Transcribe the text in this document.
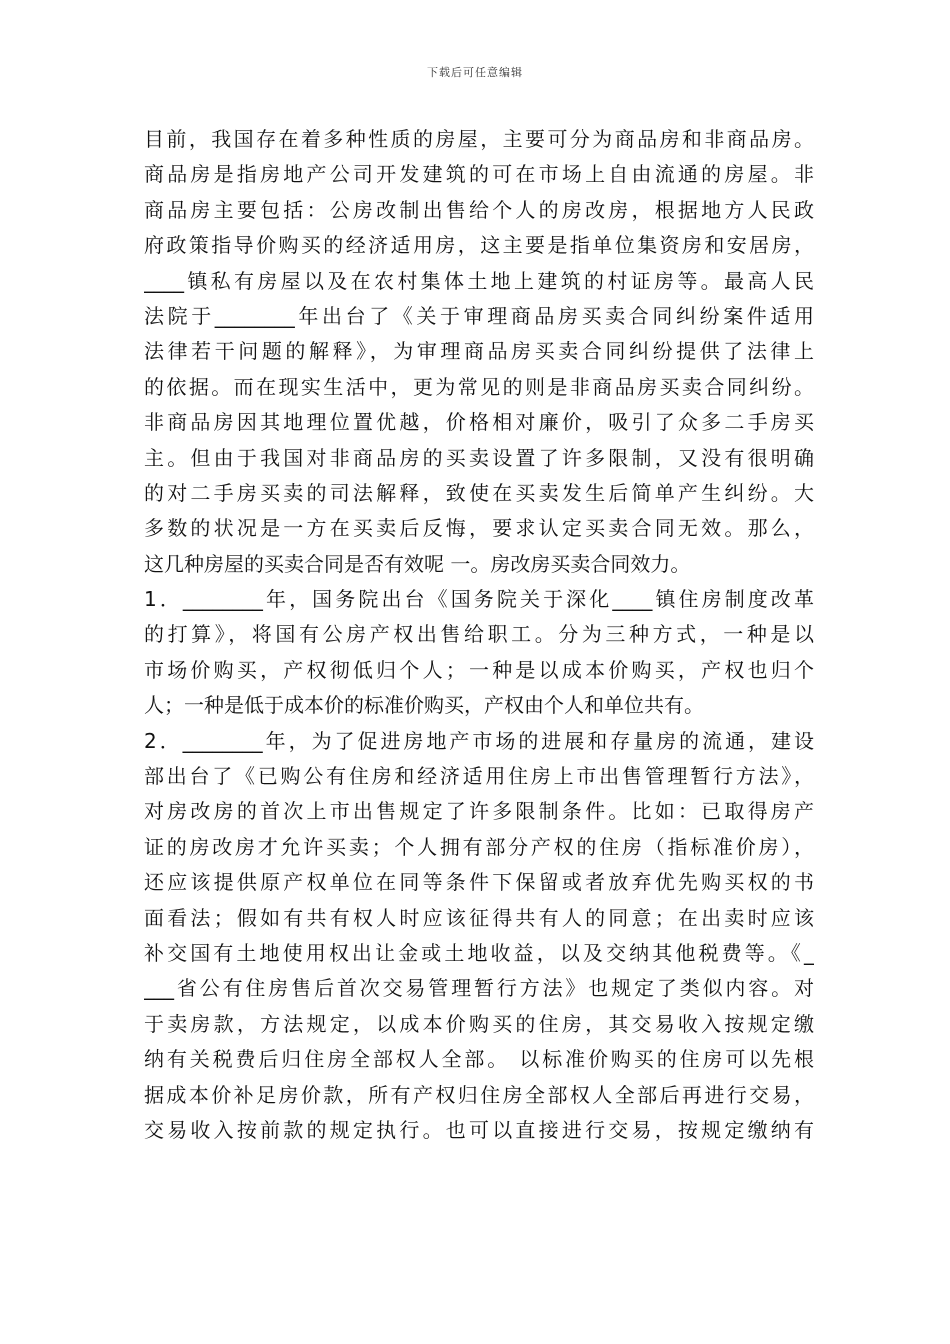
下载后可任意编辑
目前，我国存在着多种性质的房屋，主要可分为商品房和非商品房。
商品房是指房地产公司开发建筑的可在市场上自由流通的房屋。非
商品房主要包括：公房改制出售给个人的房改房，根据地方人民政
府政策指导价购买的经济适用房，这主要是指单位集资房和安居房，
____镇私有房屋以及在农村集体土地上建筑的村证房等。最高人民
法院于________年出台了《关于审理商品房买卖合同纠纷案件适用
法律若干问题的解释》，为审理商品房买卖合同纠纷提供了法律上
的依据。而在现实生活中，更为常见的则是非商品房买卖合同纠纷。
非商品房因其地理位置优越，价格相对廉价，吸引了众多二手房买
主。但由于我国对非商品房的买卖设置了许多限制，又没有很明确
的对二手房买卖的司法解释，致使在买卖发生后简单产生纠纷。大
多数的状况是一方在买卖后反悔，要求认定买卖合同无效。那么，
这几种房屋的买卖合同是否有效呢 一。房改房买卖合同效力。
1．________年，国务院出台《国务院关于深化____镇住房制度改革
的打算》，将国有公房产权出售给职工。分为三种方式，一种是以
市场价购买，产权彻低归个人；一种是以成本价购买，产权也归个
人；一种是低于成本价的标准价购买，产权由个人和单位共有。
2．________年，为了促进房地产市场的进展和存量房的流通，建设
部出台了《已购公有住房和经济适用住房上市出售管理暂行方法》，
对房改房的首次上市出售规定了许多限制条件。比如：已取得房产
证的房改房才允许买卖；个人拥有部分产权的住房（指标准价房），
还应该提供原产权单位在同等条件下保留或者放弃优先购买权的书
面看法；假如有共有权人时应该征得共有人的同意；在出卖时应该
补交国有土地使用权出让金或土地收益，以及交纳其他税费等。《_
___省公有住房售后首次交易管理暂行方法》也规定了类似内容。对
于卖房款，方法规定，以成本价购买的住房，其交易收入按规定缴
纳有关税费后归住房全部权人全部。 以标准价购买的住房可以先根
据成本价补足房价款，所有产权归住房全部权人全部后再进行交易，
交易收入按前款的规定执行。也可以直接进行交易，按规定缴纳有
